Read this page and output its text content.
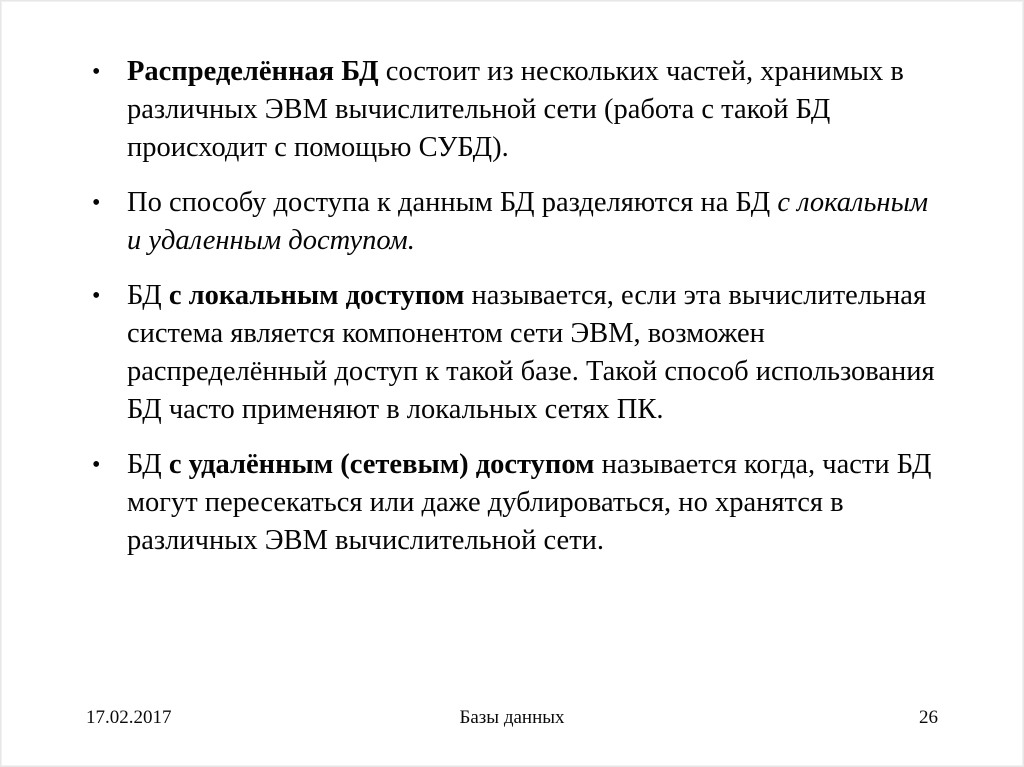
• Распределённая БД состоит из нескольких частей, хранимых в различных ЭВМ вычислительной сети (работа с такой БД происходит с помощью СУБД).
• По способу доступа к данным БД разделяются на БД с локальным и удаленным доступом.
• БД с локальным доступом называется, если эта вычислительная система является компонентом сети ЭВМ, возможен распределённый доступ к такой базе. Такой способ использования БД часто применяют в локальных сетях ПК.
• БД с удалённым (сетевым) доступом называется когда, части БД могут пересекаться или даже дублироваться, но хранятся в различных ЭВМ вычислительной сети.
17.02.2017	Базы данных	26
